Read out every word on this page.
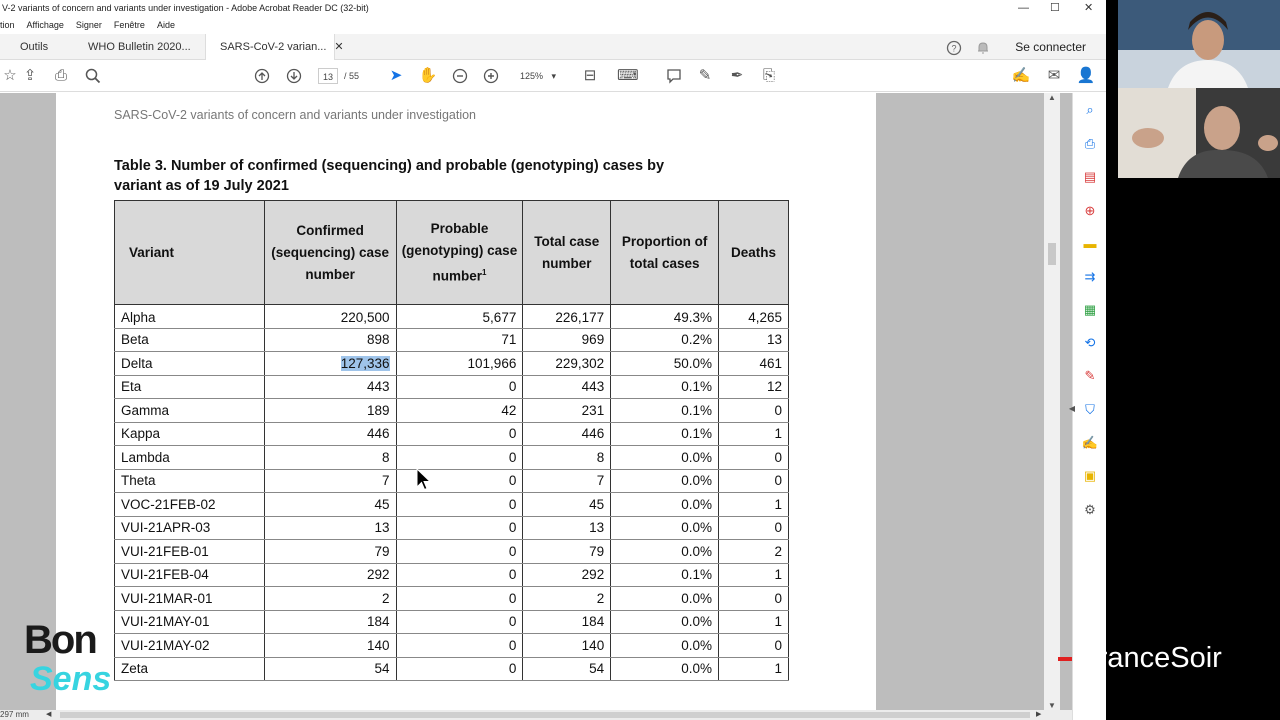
V-2 variants of concern and variants under investigation - Adobe Acrobat Reader DC (32-bit)	— ☐ ✕
tion Affichage Signer Fenêtre Aide
Outils	WHO Bulletin 2020...	SARS-CoV-2 varian... ✕	?	Se connecter
☆ ⇪ ⎙	13	/ 55 ➤ ✋	125% ▾ ⊟ ⌨	✎ ✒ ⎘	✍ ✉ 👤
SARS-CoV-2 variants of concern and variants under investigation
Table 3. Number of confirmed (sequencing) and probable (genotyping) cases by
variant as of 19 July 2021
Variant	Confirmed (sequencing) case number	Probable (genotyping) case number$^1$	Total case number	Proportion of total cases	Deaths
Alpha	220,500	5,677	226,177	49.3%	4,265
Beta	898	71	969	0.2%	13
Delta	127,336	101,966	229,302	50.0%	461
Eta	443	0	443	0.1%	12
Gamma	189	42	231	0.1%	0
Kappa	446	0	446	0.1%	1
Lambda	8	0	8	0.0%	0
Theta	7	0	7	0.0%	0
VOC-21FEB-02	45	0	45	0.0%	1
VUI-21APR-03	13	0	13	0.0%	0
VUI-21FEB-01	79	0	79	0.0%	2
VUI-21FEB-04	292	0	292	0.1%	1
VUI-21MAR-01	2	0	2	0.0%	0
VUI-21MAY-01	184	0	184	0.0%	1
VUI-21MAY-02	140	0	140	0.0%	0
Zeta	54	0	54	0.0%	1
▲
▼
⌕
⎙
▤
⊕
▬
⇉
▦
⟲
✎
⛉
✍
▣
⚙
◀
297 mm ◀	▶
Bon
Sens
FranceSoir
